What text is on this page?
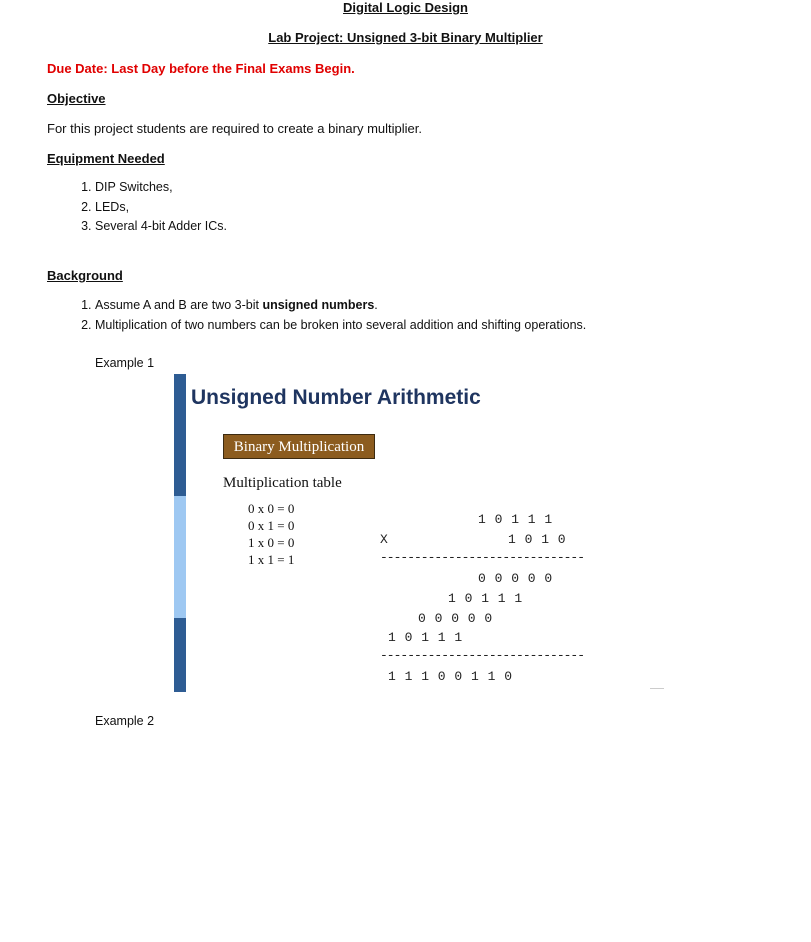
Digital Logic Design
Lab Project: Unsigned 3-bit Binary Multiplier
Due Date: Last Day before the Final Exams Begin.
Objective
For this project students are required to create a binary multiplier.
Equipment Needed
1. DIP Switches,
2. LEDs,
3. Several 4-bit Adder ICs.
Background
1. Assume A and B are two 3-bit unsigned numbers.
2. Multiplication of two numbers can be broken into several addition and shifting operations.
Example 1
Unsigned Number Arithmetic
Binary Multiplication
Multiplication table
0 x 0 = 0
0 x 1 = 0
1 x 0 = 0
1 x 1 = 1
1 0 1 1 1
X	1 0 1 0
------------------------------
0 0 0 0 0
1 0 1 1 1
0 0 0 0 0
1 0 1 1 1
------------------------------
1 1 1 0 0 1 1 0
Example 2
